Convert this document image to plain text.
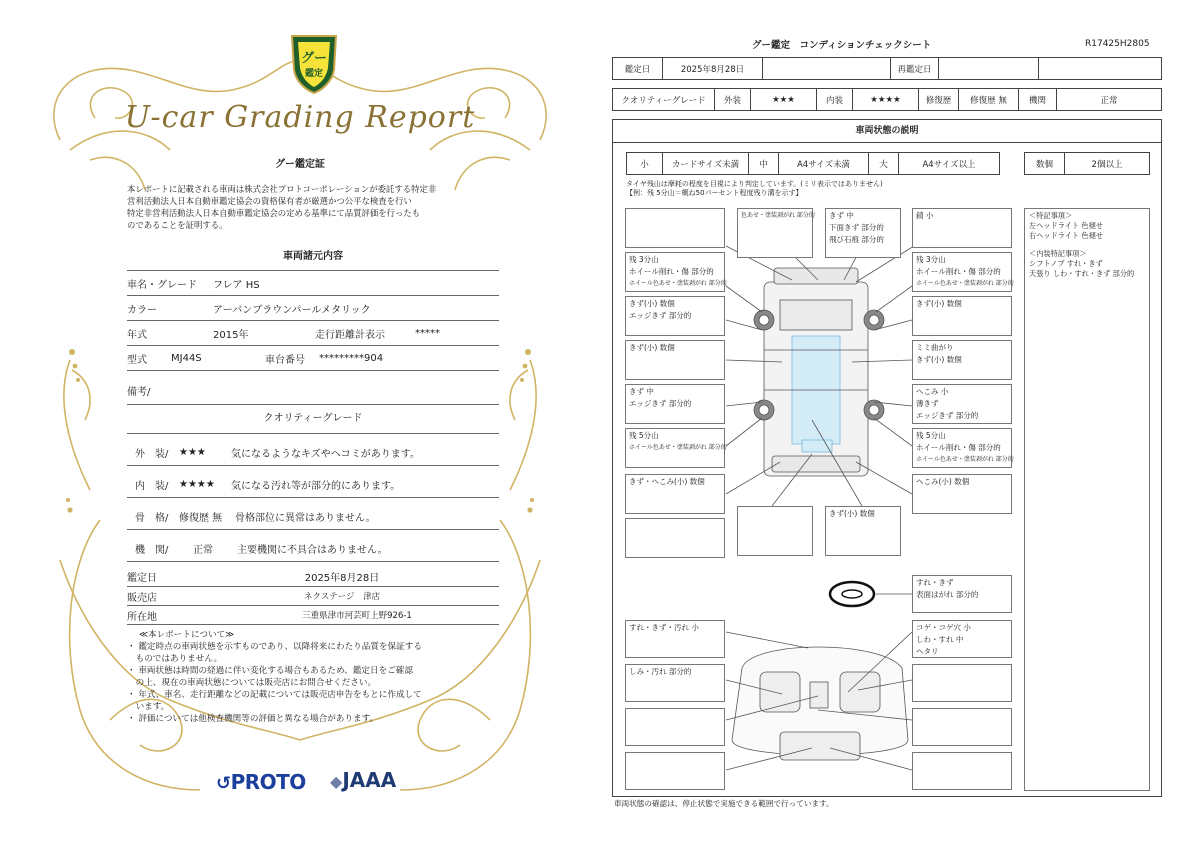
グー
鑑定
U-car Grading Report
グー鑑定証
本レポートに記載される車両は株式会社プロトコーポレーションが委託する特定非
営利活動法人日本自動車鑑定協会の資格保有者が厳選かつ公平な検査を行い
特定非営利活動法人日本自動車鑑定協会の定める基準にて品質評価を行ったも
のであることを証明する。
車両諸元内容
車名・グレード	フレア HS
カラー	アーバンブラウンパールメタリック
年式	2015年	走行距離計表示	*****
型式	MJ44S	車台番号	*********904
備考/
クオリティーグレード
外　装/	★★★	気になるようなキズやヘコミがあります。
内　装/	★★★★	気になる汚れ等が部分的にあります。
骨　格/	修復歴 無	骨格部位に異常はありません。
機　関/	正常	主要機関に不具合はありません。
鑑定日	2025年8月28日
販売店	ネクステージ　津店
所在地	三重県津市河芸町上野926-1
≪本レポートについて≫
・ 鑑定時点の車両状態を示すものであり、以降将来にわたり品質を保証する
　ものではありません。
・ 車両状態は時間の経過に伴い変化する場合もあるため、鑑定日をご確認
　の上、現在の車両状態については販売店にお問合せください。
・ 年式、車名、走行距離などの記載については販売店申告をもとに作成して
　います。
・ 評価については他検査機関等の評価と異なる場合があります。
↺PROTO ◆JAAA
グー鑑定　コンディションチェックシート	R17425H2805
鑑定日	2025年8月28日		再鑑定日		
クオリティーグレード	外装	★★★	内装	★★★★	修復歴	修復歴 無	機関	正常
車両状態の説明
小	カードサイズ未満	中	A4サイズ未満	大	A4サイズ以上	数個	2個以上
タイヤ残山は摩耗の程度を目視により判定しています。(ミリ表示ではありません)
【例：残 5分山＝概ね50パーセント程度残り溝を示す】
＜特記事項＞
左ヘッドライト 色褪せ
右ヘッドライト 色褪せ
＜内装特記事項＞
シフトノブ すれ・きず
天張り しわ・すれ・きず 部分的
色あせ・塗装剥がれ 部分的 きず 中
下面きず 部分的
飛び石痕 部分的
錆 小
残 3分山
ホイール削れ・傷 部分的
ホイール色あせ・塗装剥がれ 部分的
残 3分山
ホイール削れ・傷 部分的
ホイール色あせ・塗装剥がれ 部分的
きず(小) 数個
エッジきず 部分的
きず(小) 数個
きず(小) 数個	ミミ曲がり
きず(小) 数個
きず 中
エッジきず 部分的
へこみ 小
薄きず
エッジきず 部分的
残 5分山
ホイール色あせ・塗装剥がれ 部分的
残 5分山
ホイール削れ・傷 部分的
ホイール色あせ・塗装剥がれ 部分的
きず・へこみ(小) 数個	へこみ(小) 数個
きず(小) 数個
すれ・きず
表面はがれ 部分的
すれ・きず・汚れ 小	コゲ・コゲ穴 小
しわ・すれ 中
ヘタリ
しみ・汚れ 部分的
車両状態の確認は、停止状態で実施できる範囲で行っています。
